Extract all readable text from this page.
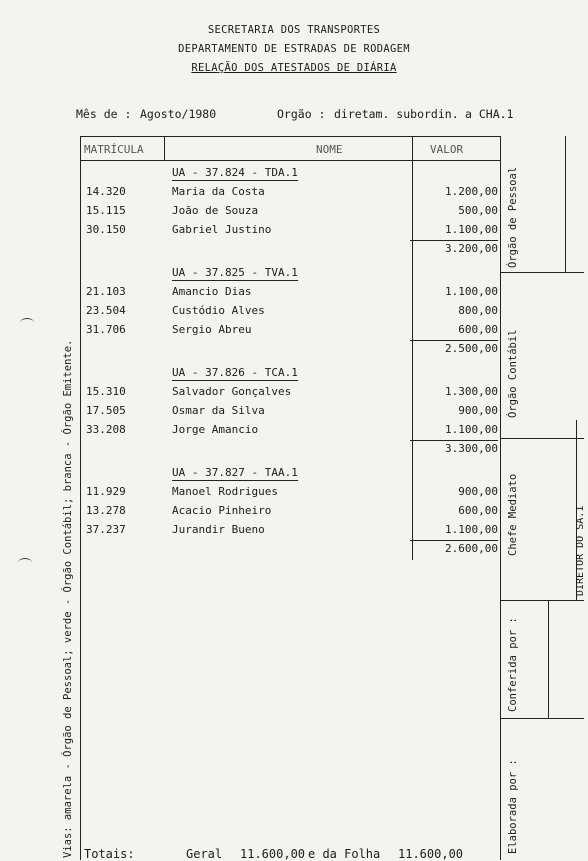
SECRETARIA DOS TRANSPORTES
DEPARTAMENTO DE ESTRADAS DE RODAGEM
RELAÇÃO DOS ATESTADOS DE DIÁRIA
Mês de : Agosto/1980	Orgão : diretam. subordin. a CHA.1
MATRÍCULA	NOME	VALOR
UA - 37.824 - TDA.1
14.320	Maria da Costa	1.200,00
15.115	João de Souza	500,00
30.150	Gabriel Justino	1.100,00
3.200,00
UA - 37.825 - TVA.1
21.103	Amancio Dias	1.100,00
23.504	Custódio Alves	800,00
31.706	Sergio Abreu	600,00
2.500,00
UA - 37.826 - TCA.1
15.310	Salvador Gonçalves	1.300,00
17.505	Osmar da Silva	900,00
33.208	Jorge Amancio	1.100,00
3.300,00
UA - 37.827 - TAA.1
11.929	Manoel Rodrigues	900,00
13.278	Acacio Pinheiro	600,00
37.237	Jurandir Bueno	1.100,00
2.600,00
Órgão de Pessoal
Órgão Contábil
Chefe Mediato	DIRETOR DO SA.1
Conferida por :
Elaborada por :
Vias: amarela - Órgão de Pessoal; verde - Órgão Contábil; branca - Órgão Emitente. Totais:	Geral 11.600,00 e da Folha 11.600,00
